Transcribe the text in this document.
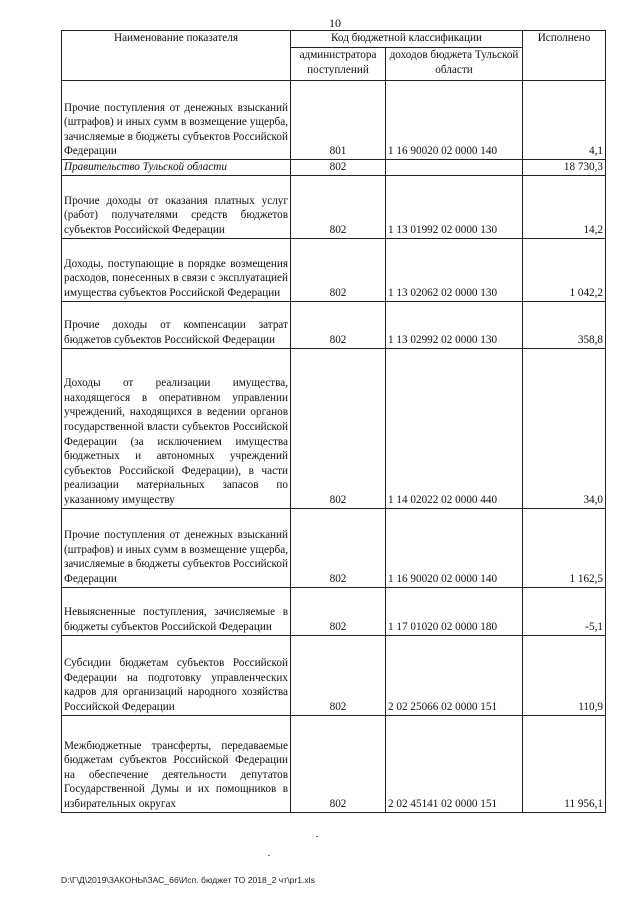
10
Наименование показателя	Код бюджетной классификации		Исполнено
	администратора поступлений	доходов бюджета Тульской области	
Прочие поступления от денежных взысканий (штрафов) и иных сумм в возмещение ущерба, зачисляемые в бюджеты субъектов Российской Федерации	801	1 16 90020 02 0000 140	4,1
Правительство Тульской области	802		18 730,3
Прочие доходы от оказания платных услуг (работ) получателями средств бюджетов субъектов Российской Федерации	802	1 13 01992 02 0000 130	14,2
Доходы, поступающие в порядке возмещения расходов, понесенных в связи с эксплуатацией имущества субъектов Российской Федерации	802	1 13 02062 02 0000 130	1 042,2
Прочие доходы от компенсации затрат бюджетов субъектов Российской Федерации	802	1 13 02992 02 0000 130	358,8
Доходы от реализации имущества, находящегося в оперативном управлении учреждений, находящихся в ведении органов государственной власти субъектов Российской Федерации (за исключением имущества бюджетных и автономных учреждений субъектов Российской Федерации), в части реализации материальных запасов по указанному имуществу	802	1 14 02022 02 0000 440	34,0
Прочие поступления от денежных взысканий (штрафов) и иных сумм в возмещение ущерба, зачисляемые в бюджеты субъектов Российской Федерации	802	1 16 90020 02 0000 140	1 162,5
Невыясненные поступления, зачисляемые в бюджеты субъектов Российской Федерации	802	1 17 01020 02 0000 180	-5,1
Субсидии бюджетам субъектов Российской Федерации на подготовку управленческих кадров для организаций народного хозяйства Российской Федерации	802	2 02 25066 02 0000 151	110,9
Межбюджетные трансферты, передаваемые бюджетам субъектов Российской Федерации на обеспечение деятельности депутатов Государственной Думы и их помощников в избирательных округах	802	2 02 45141 02 0000 151	11 956,1
D:\Г\Д\2019\ЗАКОНЫ\ЗАС_66\Исп. бюджет ТО 2018_2 чт\pr1.xls
